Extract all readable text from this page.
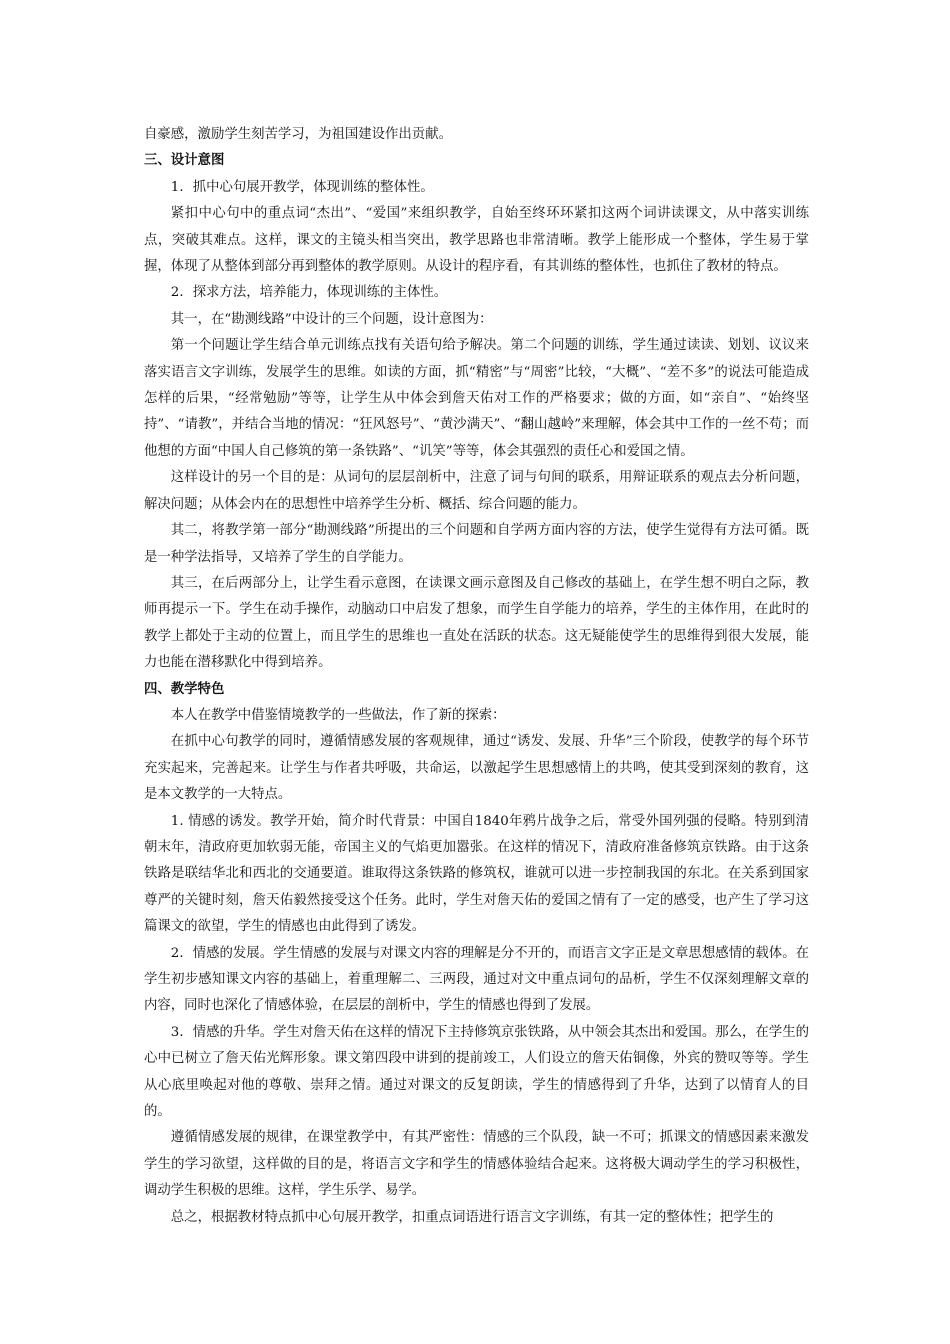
自豪感，激励学生刻苦学习，为祖国建设作出贡献。

三、设计意图

1．抓中心句展开教学，体现训练的整体性。

紧扣中心句中的重点词“杰出”、“爱国”来组织教学，自始至终环环紧扣这两个词讲读课文，从中落实训练点，突破其难点。这样，课文的主镜头相当突出，教学思路也非常清晰。教学上能形成一个整体，学生易于掌握，体现了从整体到部分再到整体的教学原则。从设计的程序看，有其训练的整体性，也抓住了教材的特点。

2．探求方法，培养能力，体现训练的主体性。

其一，在“勘测线路”中设计的三个问题，设计意图为：

第一个问题让学生结合单元训练点找有关语句给予解决。第二个问题的训练，学生通过读读、划划、议议来落实语言文字训练，发展学生的思维。如读的方面，抓“精密”与“周密”比较，“大概”、“差不多”的说法可能造成怎样的后果，“经常勉励”等等，让学生从中体会到詹天佑对工作的严格要求；做的方面，如“亲自”、“始终坚持”、“请教”，并结合当地的情况：“狂风怒号”、“黄沙满天”、“翻山越岭”来理解，体会其中工作的一丝不苟；而他想的方面“中国人自己修筑的第一条铁路”、“讥笑”等等，体会其强烈的责任心和爱国之情。

这样设计的另一个目的是：从词句的层层剖析中，注意了词与句间的联系，用辩证联系的观点去分析问题，解决问题；从体会内在的思想性中培养学生分析、概括、综合问题的能力。

其二，将教学第一部分“勘测线路”所提出的三个问题和自学两方面内容的方法，使学生觉得有方法可循。既是一种学法指导，又培养了学生的自学能力。

其三，在后两部分上，让学生看示意图，在读课文画示意图及自己修改的基础上，在学生想不明白之际，教师再提示一下。学生在动手操作，动脑动口中启发了想象，而学生自学能力的培养，学生的主体作用，在此时的教学上都处于主动的位置上，而且学生的思维也一直处在活跃的状态。这无疑能使学生的思维得到很大发展，能力也能在潜移默化中得到培养。

四、教学特色

本人在教学中借鉴情境教学的一些做法，作了新的探索：

在抓中心句教学的同时，遵循情感发展的客观规律，通过“诱发、发展、升华”三个阶段，使教学的每个环节充实起来，完善起来。让学生与作者共呼吸，共命运，以激起学生思想感情上的共鸣，使其受到深刻的教育，这是本文教学的一大特点。

1. 情感的诱发。教学开始，简介时代背景：中国自1840年鸦片战争之后，常受外国列强的侵略。特别到清朝末年，清政府更加软弱无能，帝国主义的气焰更加嚣张。在这样的情况下，清政府准备修筑京铁路。由于这条铁路是联结华北和西北的交通要道。谁取得这条铁路的修筑权，谁就可以进一步控制我国的东北。在关系到国家尊严的关键时刻，詹天佑毅然接受这个任务。此时，学生对詹天佑的爱国之情有了一定的感受，也产生了学习这篇课文的欲望，学生的情感也由此得到了诱发。

2．情感的发展。学生情感的发展与对课文内容的理解是分不开的，而语言文字正是文章思想感情的载体。在学生初步感知课文内容的基础上，着重理解二、三两段，通过对文中重点词句的品析，学生不仅深刻理解文章的内容，同时也深化了情感体验，在层层的剖析中，学生的情感也得到了发展。

3．情感的升华。学生对詹天佑在这样的情况下主持修筑京张铁路，从中领会其杰出和爱国。那么，在学生的心中已树立了詹天佑光辉形象。课文第四段中讲到的提前竣工，人们设立的詹天佑铜像，外宾的赞叹等等。学生从心底里唤起对他的尊敬、崇拜之情。通过对课文的反复朗读，学生的情感得到了升华，达到了以情育人的目的。

遵循情感发展的规律，在课堂教学中，有其严密性：情感的三个队段，缺一不可；抓课文的情感因素来激发学生的学习欲望，这样做的目的是，将语言文字和学生的情感体验结合起来。这将极大调动学生的学习积极性，调动学生积极的思维。这样，学生乐学、易学。

总之，根据教材特点抓中心句展开教学，扣重点词语进行语言文字训练，有其一定的整体性；把学生的
